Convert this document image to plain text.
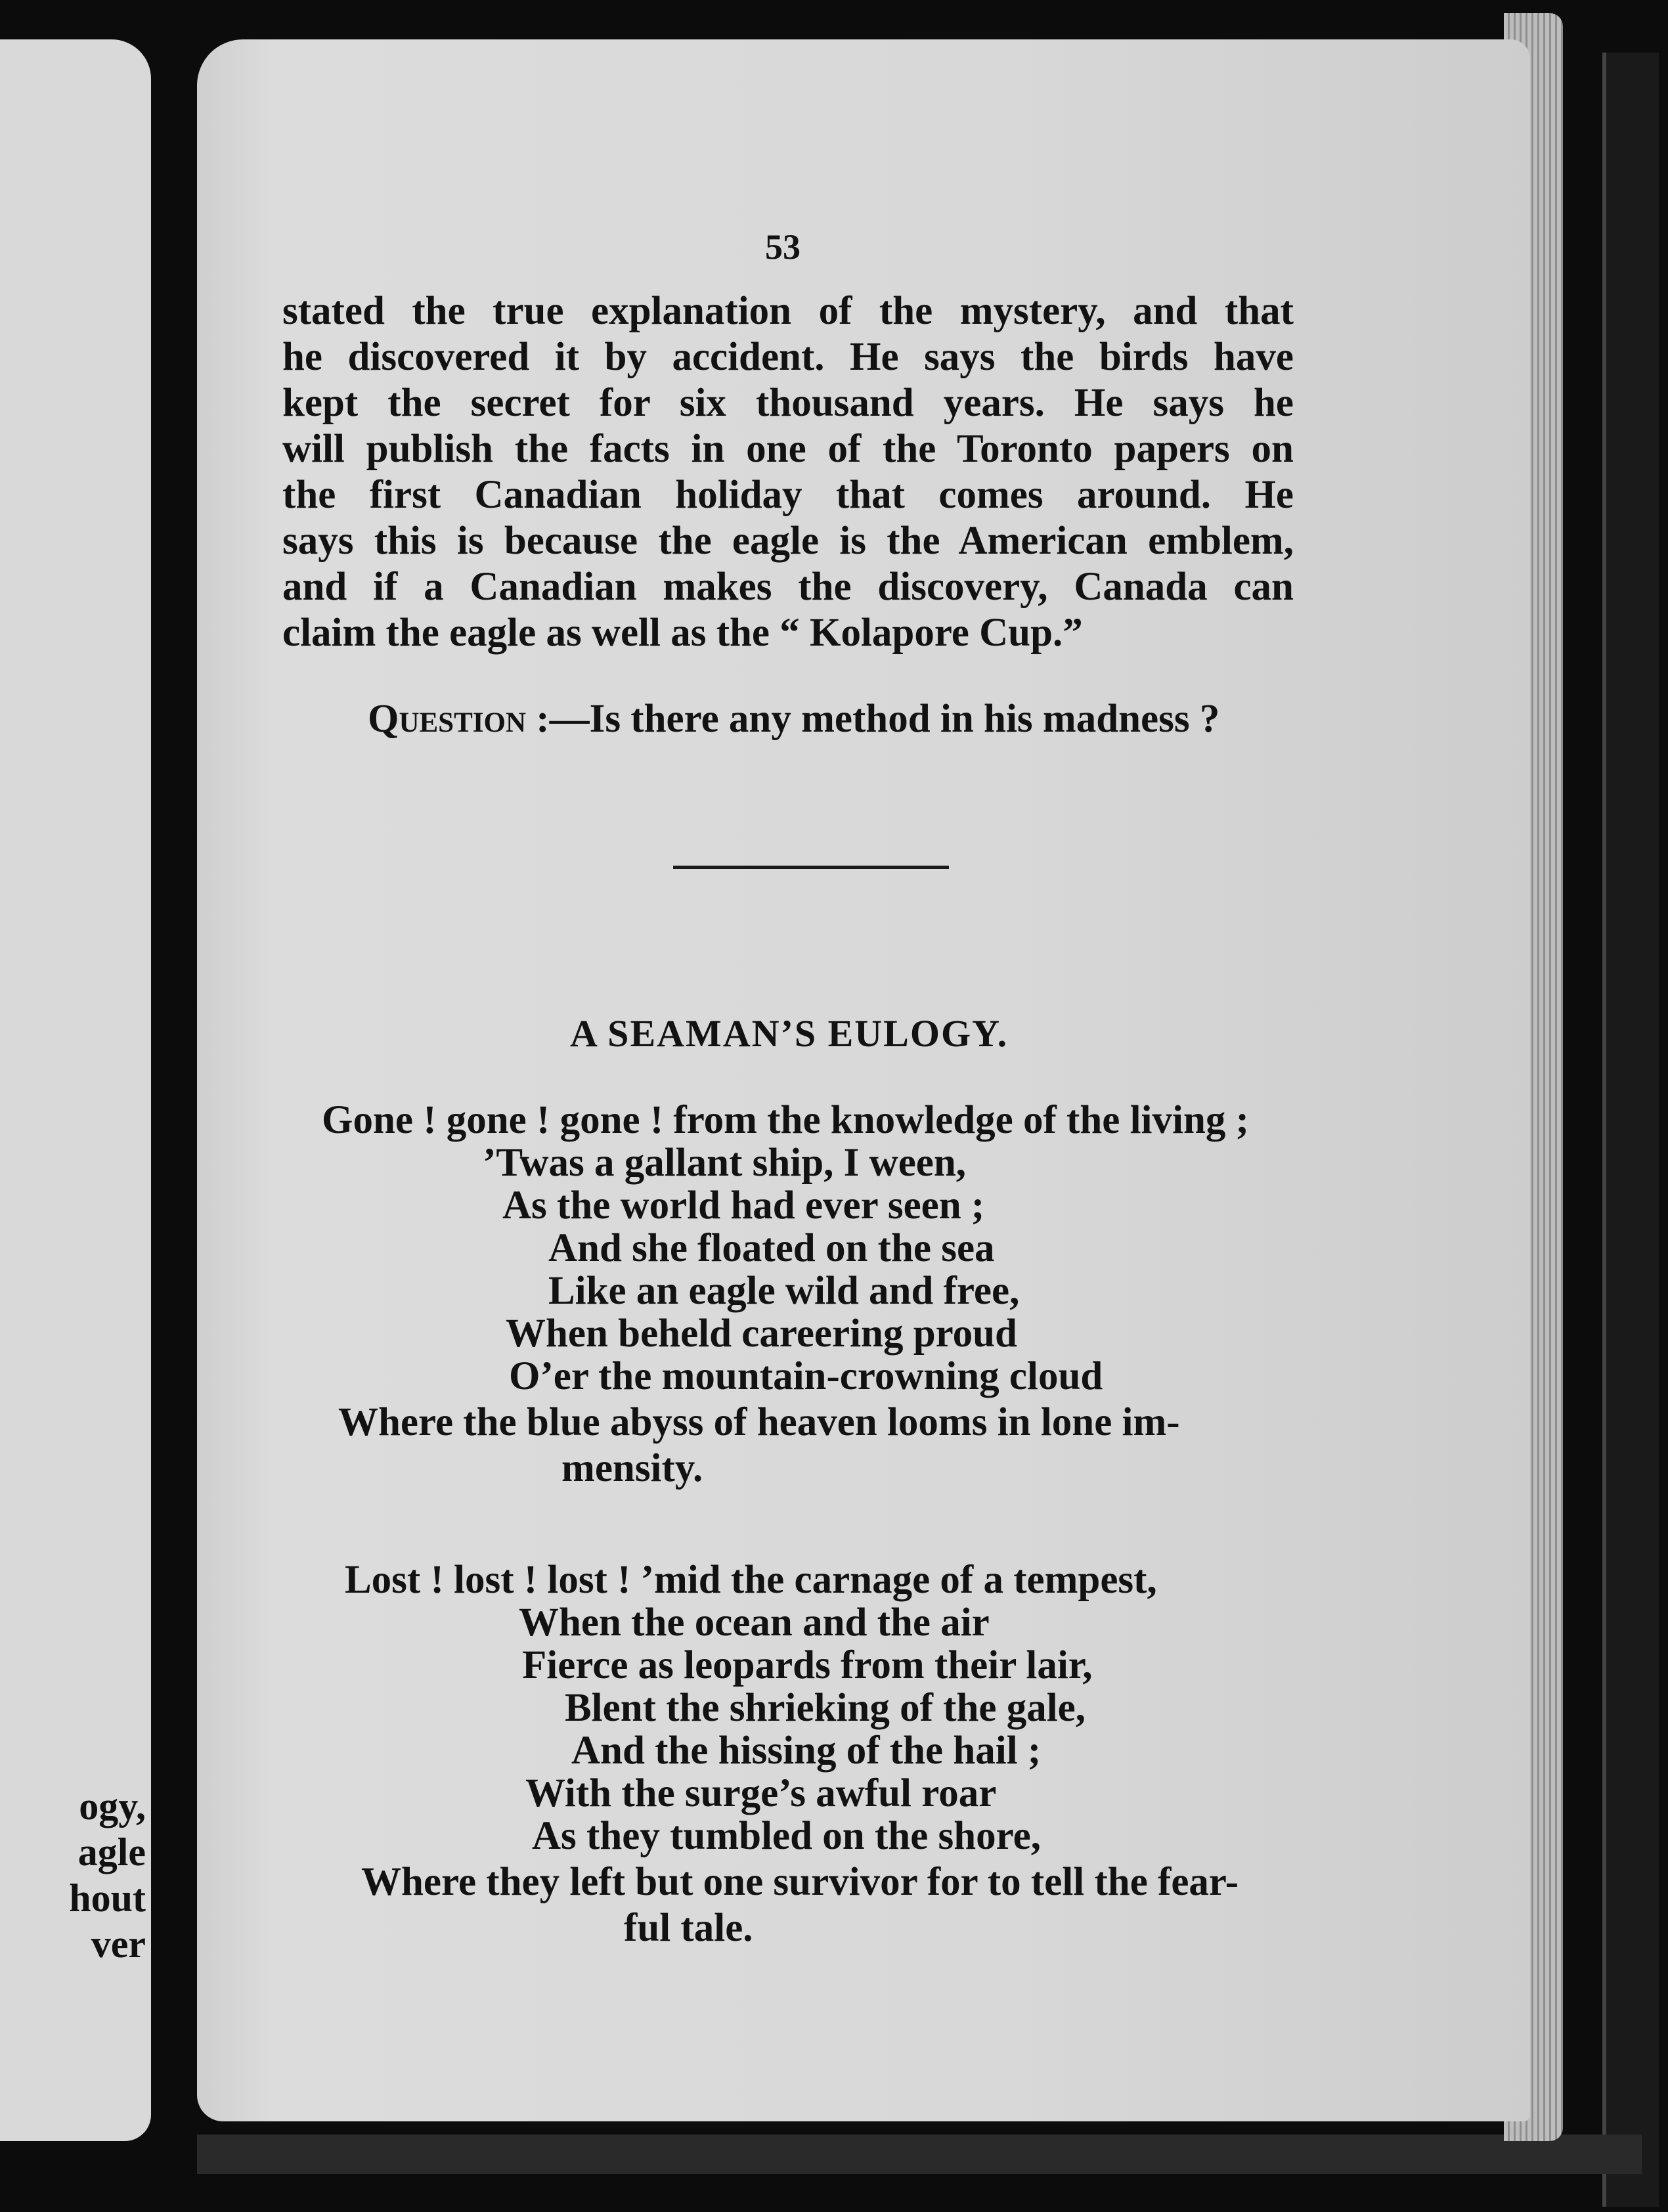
ogy,
agle
hout
ver
53
stated the true explanation of the mystery, and that
he discovered it by accident. He says the birds have
kept the secret for six thousand years. He says he
will publish the facts in one of the Toronto papers on
the first Canadian holiday that comes around. He
says this is because the eagle is the American emblem,
and if a Canadian makes the discovery, Canada can
claim the eagle as well as the “ Kolapore Cup.”
Question :—Is there any method in his madness ?
A SEAMAN’S EULOGY.
Gone ! gone ! gone ! from the knowledge of the living ;
’Twas a gallant ship, I ween,
As the world had ever seen ;
And she floated on the sea
Like an eagle wild and free,
When beheld careering proud
O’er the mountain-crowning cloud
Where the blue abyss of heaven looms in lone im-
mensity.
Lost ! lost ! lost ! ’mid the carnage of a tempest,
When the ocean and the air
Fierce as leopards from their lair,
Blent the shrieking of the gale,
And the hissing of the hail ;
With the surge’s awful roar
As they tumbled on the shore,
Where they left but one survivor for to tell the fear-
ful tale.
